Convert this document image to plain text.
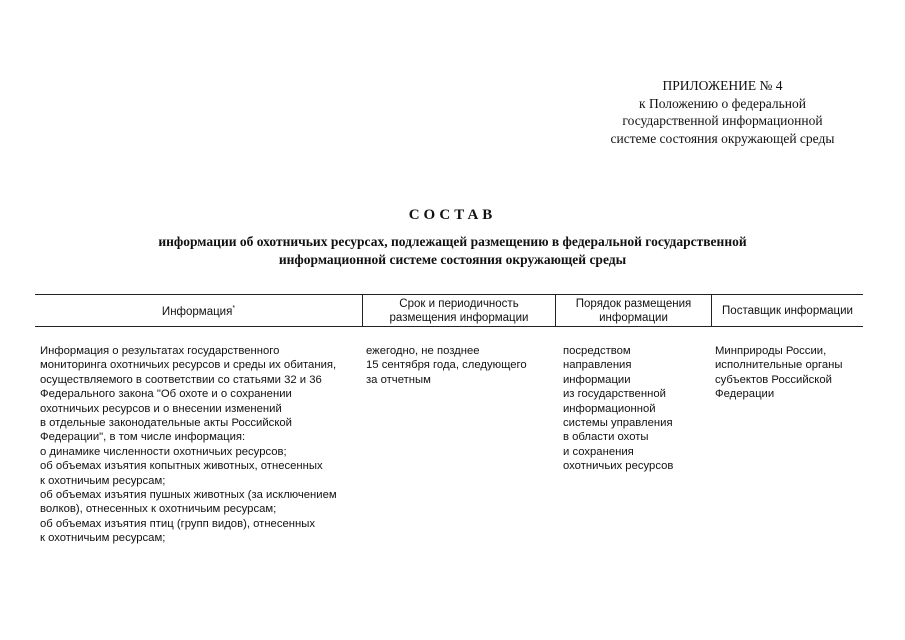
ПРИЛОЖЕНИЕ № 4
к Положению о федеральной
государственной информационной
системе состояния окружающей среды
СОСТАВ
информации об охотничьих ресурсах, подлежащей размещению в федеральной государственной
информационной системе состояния окружающей среды
Информация*	Срок и периодичность
размещения информации
Порядок размещения
информации
Поставщик информации
Информация о результатах государственного
мониторинга охотничьих ресурсов и среды их обитания,
осуществляемого в соответствии со статьями 32 и 36
Федерального закона "Об охоте и о сохранении
охотничьих ресурсов и о внесении изменений
в отдельные законодательные акты Российской
Федерации", в том числе информация:
о динамике численности охотничьих ресурсов;
об объемах изъятия копытных животных, отнесенных
к охотничьим ресурсам;
об объемах изъятия пушных животных (за исключением
волков), отнесенных к охотничьим ресурсам;
об объемах изъятия птиц (групп видов), отнесенных
к охотничьим ресурсам;
ежегодно, не позднее
15 сентября года, следующего
за отчетным
посредством
направления
информации
из государственной
информационной
системы управления
в области охоты
и сохранения
охотничьих ресурсов
Минприроды России,
исполнительные органы
субъектов Российской
Федерации
